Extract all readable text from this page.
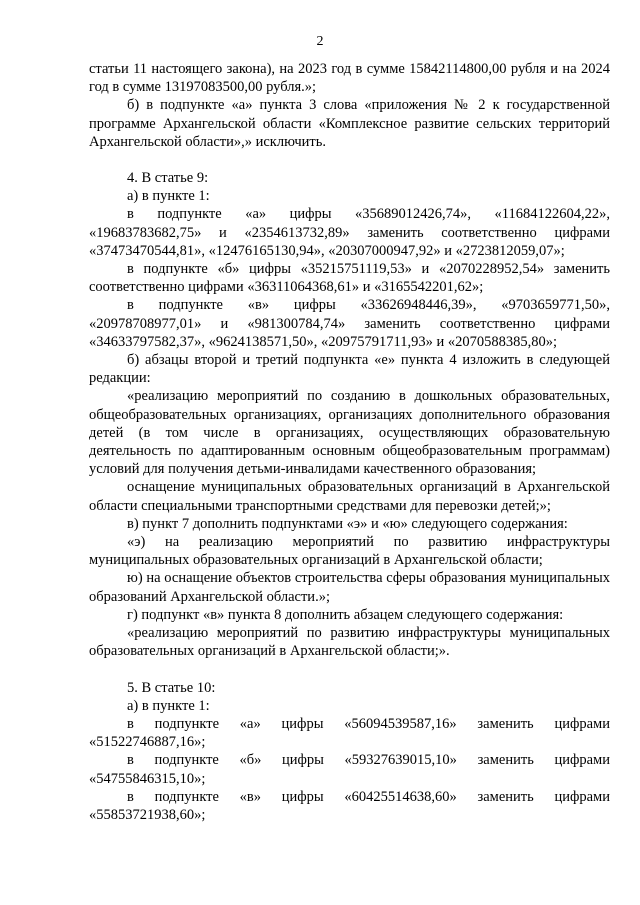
2

статьи 11 настоящего закона), на 2023 год в сумме 15842114800,00 рубля и на 2024 год в сумме 13197083500,00 рубля.»;

б) в подпункте «а» пункта 3 слова «приложения № 2 к государственной программе Архангельской области «Комплексное развитие сельских территорий Архангельской области»,» исключить.

4. В статье 9:

а) в пункте 1:

в подпункте «а» цифры «35689012426,74», «11684122604,22», «19683783682,75» и «2354613732,89» заменить соответственно цифрами «37473470544,81», «12476165130,94», «20307000947,92» и «2723812059,07»;

в подпункте «б» цифры «35215751119,53» и «2070228952,54» заменить соответственно цифрами «36311064368,61» и «3165542201,62»;

в подпункте «в» цифры «33626948446,39», «9703659771,50», «20978708977,01» и «981300784,74» заменить соответственно цифрами «34633797582,37», «9624138571,50», «20975791711,93» и «2070588385,80»;

б) абзацы второй и третий подпункта «е» пункта 4 изложить в следующей редакции:

«реализацию мероприятий по созданию в дошкольных образовательных, общеобразовательных организациях, организациях дополнительного образования детей (в том числе в организациях, осуществляющих образовательную деятельность по адаптированным основным общеобразовательным программам) условий для получения детьми-инвалидами качественного образования;

оснащение муниципальных образовательных организаций в Архангельской области специальными транспортными средствами для перевозки детей;»;

в) пункт 7 дополнить подпунктами «э» и «ю» следующего содержания:

«э) на реализацию мероприятий по развитию инфраструктуры муниципальных образовательных организаций в Архангельской области;

ю) на оснащение объектов строительства сферы образования муниципальных образований Архангельской области.»;

г) подпункт «в» пункта 8 дополнить абзацем следующего содержания:

«реализацию мероприятий по развитию инфраструктуры муниципальных образовательных организаций в Архангельской области;».

5. В статье 10:

а) в пункте 1:

в подпункте «а» цифры «56094539587,16» заменить цифрами «51522746887,16»;

в подпункте «б» цифры «59327639015,10» заменить цифрами «54755846315,10»;

в подпункте «в» цифры «60425514638,60» заменить цифрами «55853721938,60»;
